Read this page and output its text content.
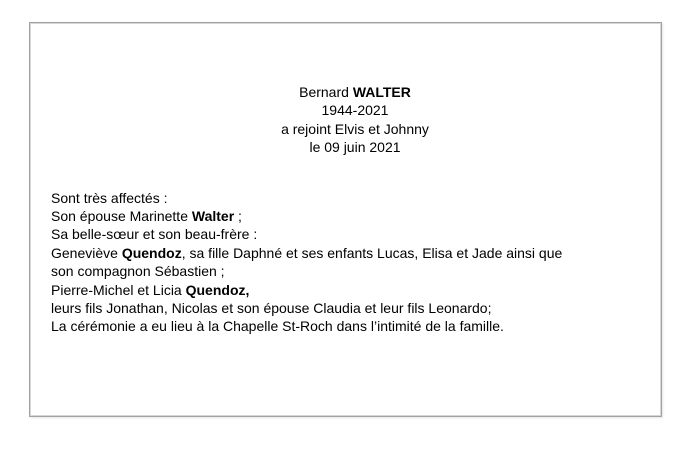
Bernard WALTER
1944-2021
a rejoint Elvis et Johnny
le 09 juin 2021
Sont très affectés :
Son épouse Marinette Walter ;
Sa belle-sœur et son beau-frère :
Geneviève Quendoz, sa fille Daphné et ses enfants Lucas, Elisa et Jade ainsi que
son compagnon Sébastien ;
Pierre-Michel et Licia Quendoz,
leurs fils Jonathan, Nicolas et son épouse Claudia et leur fils Leonardo;
La cérémonie a eu lieu à la Chapelle St-Roch dans l’intimité de la famille.
